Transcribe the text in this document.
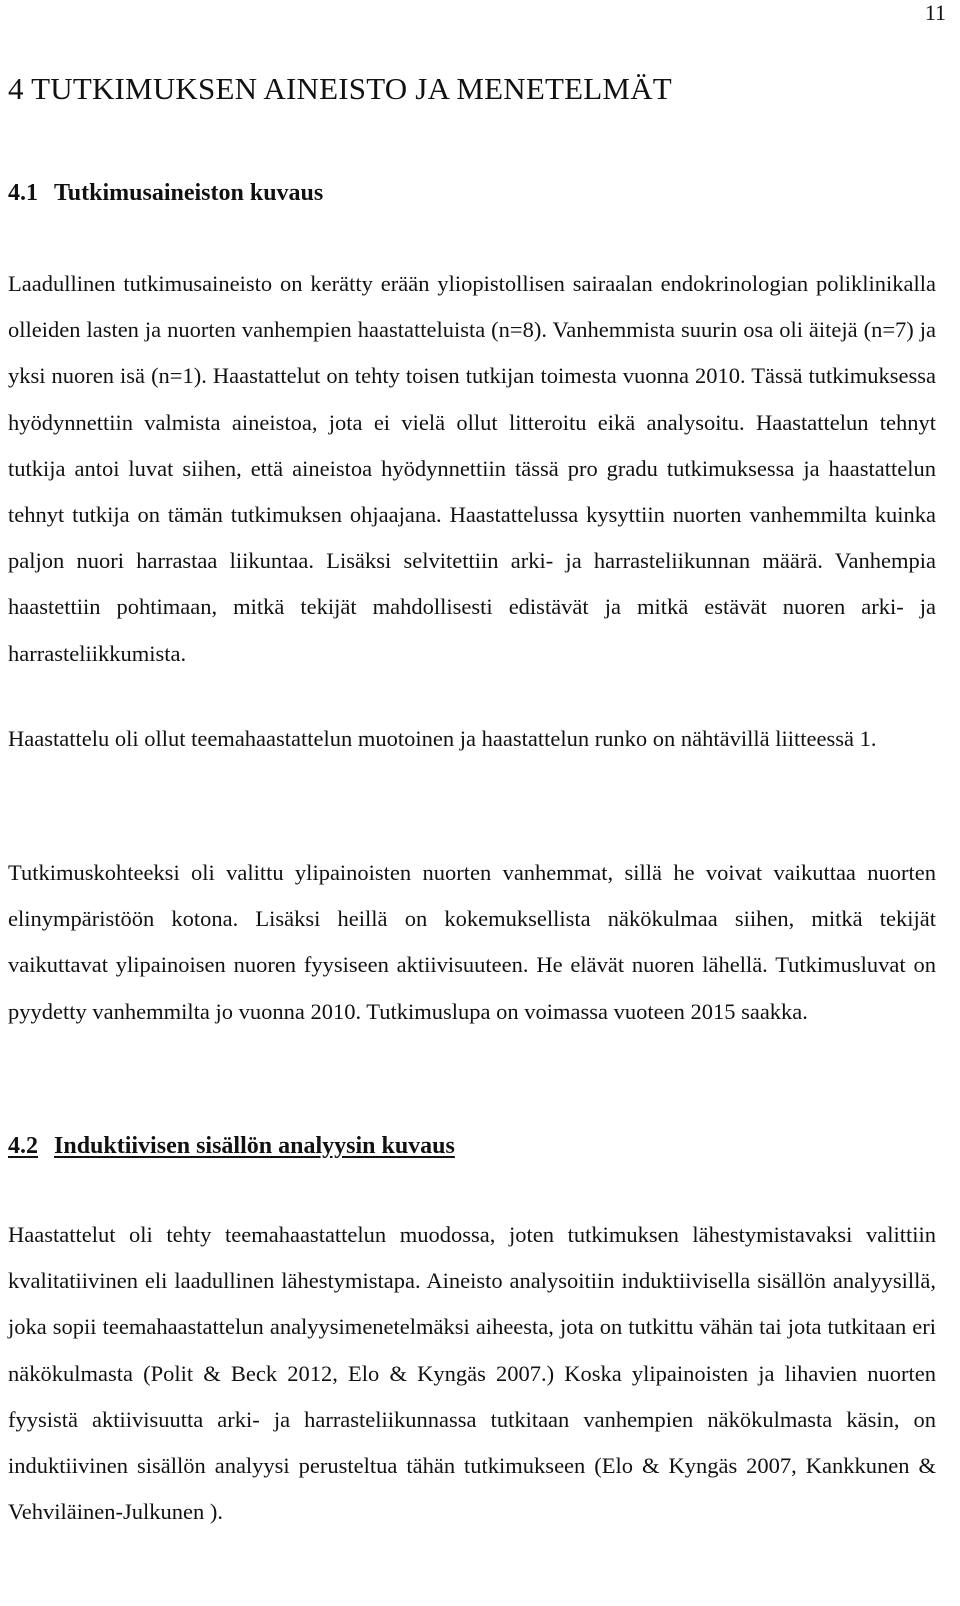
11
4 TUTKIMUKSEN AINEISTO JA MENETELMÄT
4.1 Tutkimusaineiston kuvaus

Laadullinen tutkimusaineisto on kerätty erään yliopistollisen sairaalan endokrinologian poliklinikalla olleiden lasten ja nuorten vanhempien haastatteluista (n=8). Vanhemmista suurin osa oli äitejä (n=7) ja yksi nuoren isä (n=1). Haastattelut on tehty toisen tutkijan toimesta vuonna 2010. Tässä tutkimuksessa hyödynnettiin valmista aineistoa, jota ei vielä ollut litteroitu eikä analysoitu. Haastattelun tehnyt tutkija antoi luvat siihen, että aineistoa hyödynnettiin tässä pro gradu tutkimuksessa ja haastattelun tehnyt tutkija on tämän tutkimuksen ohjaajana. Haastattelussa kysyttiin nuorten vanhemmilta kuinka paljon nuori harrastaa liikuntaa. Lisäksi selvitettiin arki- ja harrasteliikunnan määrä. Vanhempia haastettiin pohtimaan, mitkä tekijät mahdollisesti edistävät ja mitkä estävät nuoren arki- ja harrasteliikkumista.

Haastattelu oli ollut teemahaastattelun muotoinen ja haastattelun runko on nähtävillä liitteessä 1.

Tutkimuskohteeksi oli valittu ylipainoisten nuorten vanhemmat, sillä he voivat vaikuttaa nuorten elinympäristöön kotona. Lisäksi heillä on kokemuksellista näkökulmaa siihen, mitkä tekijät vaikuttavat ylipainoisen nuoren fyysiseen aktiivisuuteen. He elävät nuoren lähellä. Tutkimusluvat on pyydetty vanhemmilta jo vuonna 2010. Tutkimuslupa on voimassa vuoteen 2015 saakka.

4.2 Induktiivisen sisällön analyysin kuvaus

Haastattelut oli tehty teemahaastattelun muodossa, joten tutkimuksen lähestymistavaksi valittiin kvalitatiivinen eli laadullinen lähestymistapa. Aineisto analysoitiin induktiivisella sisällön analyysillä, joka sopii teemahaastattelun analyysimenetelmäksi aiheesta, jota on tutkittu vähän tai jota tutkitaan eri näkökulmasta (Polit & Beck 2012, Elo & Kyngäs 2007.) Koska ylipainoisten ja lihavien nuorten fyysistä aktiivisuutta arki- ja harrasteliikunnassa tutkitaan vanhempien näkökulmasta käsin, on induktiivinen sisällön analyysi perusteltua tähän tutkimukseen (Elo & Kyngäs 2007, Kankkunen & Vehviläinen-Julkunen ).
